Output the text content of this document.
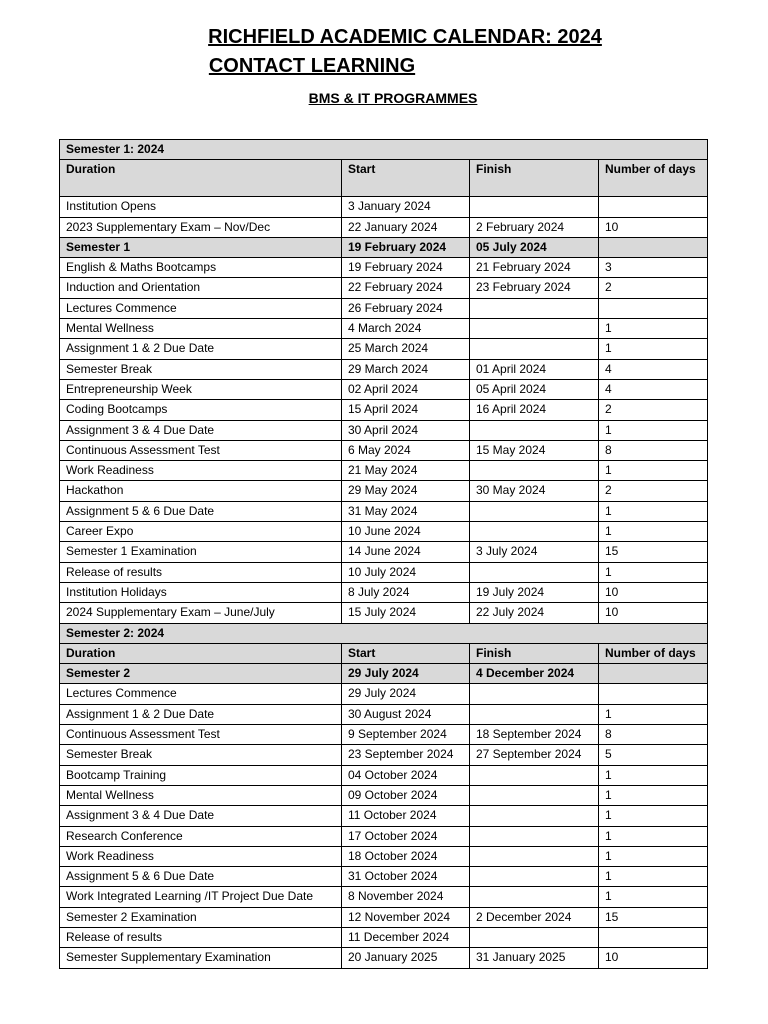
RICHFIELD ACADEMIC CALENDAR: 2024
CONTACT LEARNING
BMS & IT PROGRAMMES
Semester 1: 2024			
Duration	Start	Finish	Number of days
Institution Opens	3 January 2024		
2023 Supplementary Exam – Nov/Dec	22 January 2024	2 February 2024	10
Semester 1	19 February 2024	05 July 2024	
English & Maths Bootcamps	19 February 2024	21 February 2024	3
Induction and Orientation	22 February 2024	23 February 2024	2
Lectures Commence	26 February 2024		
Mental Wellness	4 March 2024		1
Assignment 1 & 2 Due Date	25 March 2024		1
Semester Break	29 March 2024	01 April 2024	4
Entrepreneurship Week	02 April 2024	05 April 2024	4
Coding Bootcamps	15 April 2024	16 April 2024	2
Assignment 3 & 4 Due Date	30 April 2024		1
Continuous Assessment Test	6 May 2024	15 May 2024	8
Work Readiness	21 May 2024		1
Hackathon	29 May 2024	30 May 2024	2
Assignment 5 & 6 Due Date	31 May 2024		1
Career Expo	10 June 2024		1
Semester 1 Examination	14 June 2024	3 July 2024	15
Release of results	10 July 2024		1
Institution Holidays	8 July 2024	19 July 2024	10
2024 Supplementary Exam – June/July	15 July 2024	22 July 2024	10
Semester 2: 2024			
Duration	Start	Finish	Number of days
Semester 2	29 July 2024	4 December 2024	
Lectures Commence	29 July 2024		
Assignment 1 & 2 Due Date	30 August 2024		1
Continuous Assessment Test	9 September 2024	18 September 2024	8
Semester Break	23 September 2024	27 September 2024	5
Bootcamp Training	04 October 2024		1
Mental Wellness	09 October 2024		1
Assignment 3 & 4 Due Date	11 October 2024		1
Research Conference	17 October 2024		1
Work Readiness	18 October 2024		1
Assignment 5 & 6 Due Date	31 October 2024		1
Work Integrated Learning /IT Project Due Date	8 November 2024		1
Semester 2 Examination	12 November 2024	2 December 2024	15
Release of results	11 December 2024		
Semester Supplementary Examination	20 January 2025	31 January 2025	10
